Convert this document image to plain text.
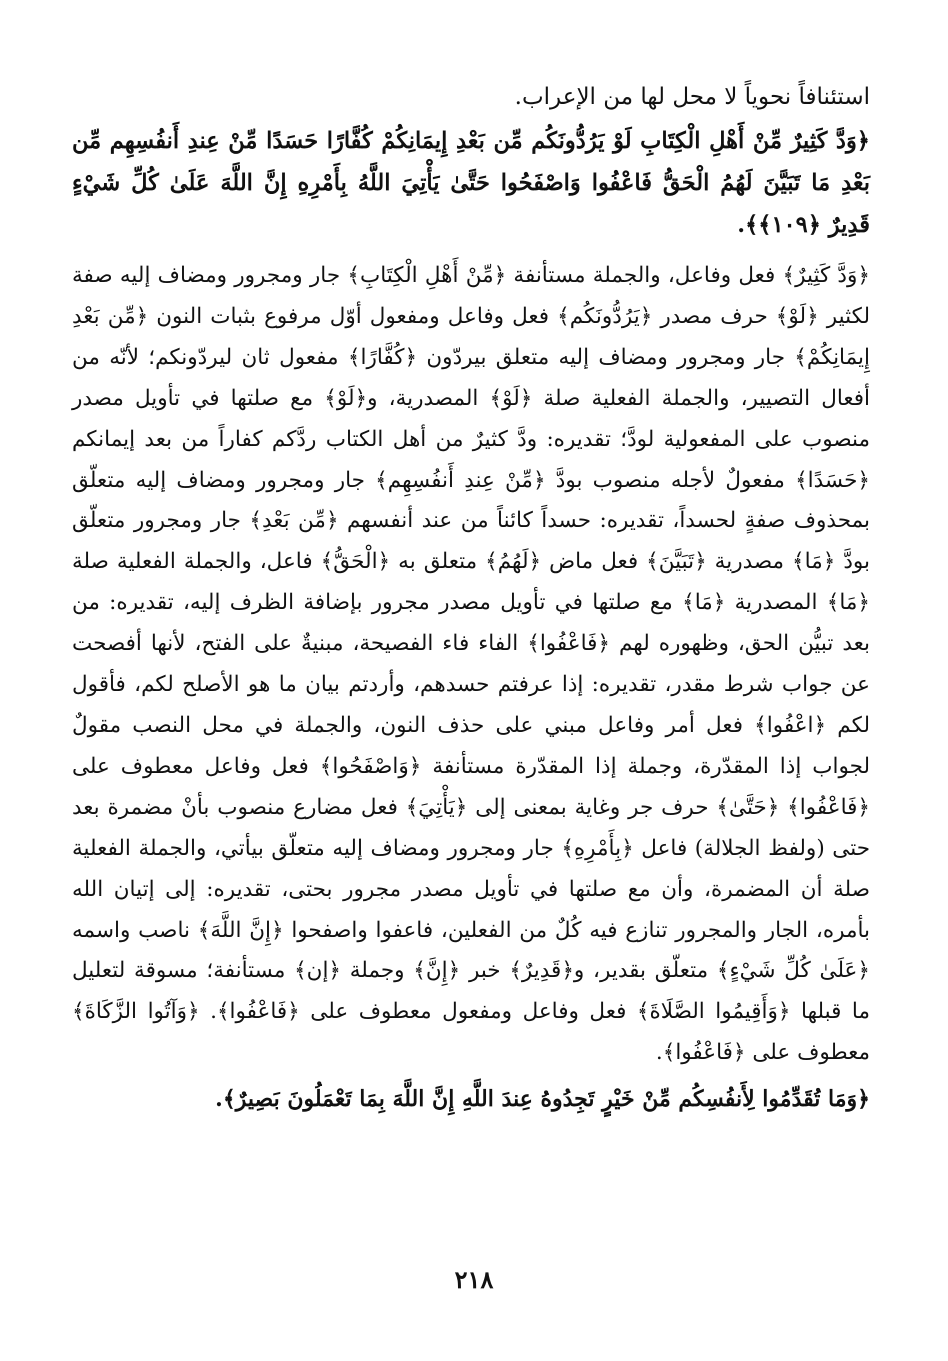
استئنافاً نحوياً لا محل لها من الإعراب.

﴿وَدَّ كَثِيرٌ مِّنْ أَهْلِ الْكِتَابِ لَوْ يَرُدُّونَكُم مِّن بَعْدِ إِيمَانِكُمْ كُفَّارًا حَسَدًا مِّنْ عِندِ أَنفُسِهِم مِّن بَعْدِ مَا تَبَيَّنَ لَهُمُ الْحَقُّ فَاعْفُوا وَاصْفَحُوا حَتَّىٰ يَأْتِيَ اللَّهُ بِأَمْرِهِ إِنَّ اللَّهَ عَلَىٰ كُلِّ شَيْءٍ قَدِيرٌ ﴿١٠٩﴾﴾.

﴿وَدَّ كَثِيرٌ﴾ فعل وفاعل، والجملة مستأنفة ﴿مِّنْ أَهْلِ الْكِتَابِ﴾ جار ومجرور ومضاف إليه صفة لكثير ﴿لَوْ﴾ حرف مصدر ﴿يَرُدُّونَكُم﴾ فعل وفاعل ومفعول أوّل مرفوع بثبات النون ﴿مِّن بَعْدِ إِيمَانِكُمْ﴾ جار ومجرور ومضاف إليه متعلق بيردّون ﴿كُفَّارًا﴾ مفعول ثان ليردّونكم؛ لأنّه من أفعال التصيير، والجملة الفعلية صلة ﴿لَوْ﴾ المصدرية، و﴿لَوْ﴾ مع صلتها في تأويل مصدر منصوب على المفعولية لودَّ؛ تقديره: ودَّ كثيرٌ من أهل الكتاب ردَّكم كفاراً من بعد إيمانكم ﴿حَسَدًا﴾ مفعولٌ لأجله منصوب بودَّ ﴿مِّنْ عِندِ أَنفُسِهِم﴾ جار ومجرور ومضاف إليه متعلّق بمحذوف صفةٍ لحسداً، تقديره: حسداً كائناً من عند أنفسهم ﴿مِّن بَعْدِ﴾ جار ومجرور متعلّق بودَّ ﴿مَا﴾ مصدرية ﴿تَبَيَّنَ﴾ فعل ماض ﴿لَهُمُ﴾ متعلق به ﴿الْحَقُّ﴾ فاعل، والجملة الفعلية صلة ﴿مَا﴾ المصدرية ﴿مَا﴾ مع صلتها في تأويل مصدر مجرور بإضافة الظرف إليه، تقديره: من بعد تبيُّن الحق، وظهوره لهم ﴿فَاعْفُوا﴾ الفاء فاء الفصيحة، مبنيةٌ على الفتح، لأنها أفصحت عن جواب شرط مقدر، تقديره: إذا عرفتم حسدهم، وأردتم بيان ما هو الأصلح لكم، فأقول لكم ﴿اعْفُوا﴾ فعل أمر وفاعل مبني على حذف النون، والجملة في محل النصب مقولٌ لجواب إذا المقدّرة، وجملة إذا المقدّرة مستأنفة ﴿وَاصْفَحُوا﴾ فعل وفاعل معطوف على ﴿فَاعْفُوا﴾ ﴿حَتَّىٰ﴾ حرف جر وغاية بمعنى إلى ﴿يَأْتِيَ﴾ فعل مضارع منصوب بأنْ مضمرة بعد حتى (ولفظ الجلالة) فاعل ﴿بِأَمْرِهِ﴾ جار ومجرور ومضاف إليه متعلّق بيأتي، والجملة الفعلية صلة أن المضمرة، وأن مع صلتها في تأويل مصدر مجرور بحتى، تقديره: إلى إتيان الله بأمره، الجار والمجرور تنازع فيه كُلٌ من الفعلين، فاعفوا واصفحوا ﴿إِنَّ اللَّهَ﴾ ناصب واسمه ﴿عَلَىٰ كُلِّ شَيْءٍ﴾ متعلّق بقدير، و﴿قَدِيرٌ﴾ خبر ﴿إِنَّ﴾ وجملة ﴿إن﴾ مستأنفة؛ مسوقة لتعليل ما قبلها ﴿وَأَقِيمُوا الصَّلَاةَ﴾ فعل وفاعل ومفعول معطوف على ﴿فَاعْفُوا﴾. ﴿وَآتُوا الزَّكَاةَ﴾ معطوف على ﴿فَاعْفُوا﴾.

﴿وَمَا تُقَدِّمُوا لِأَنفُسِكُم مِّنْ خَيْرٍ تَجِدُوهُ عِندَ اللَّهِ إِنَّ اللَّهَ بِمَا تَعْمَلُونَ بَصِيرٌ﴾.

٢١٨
